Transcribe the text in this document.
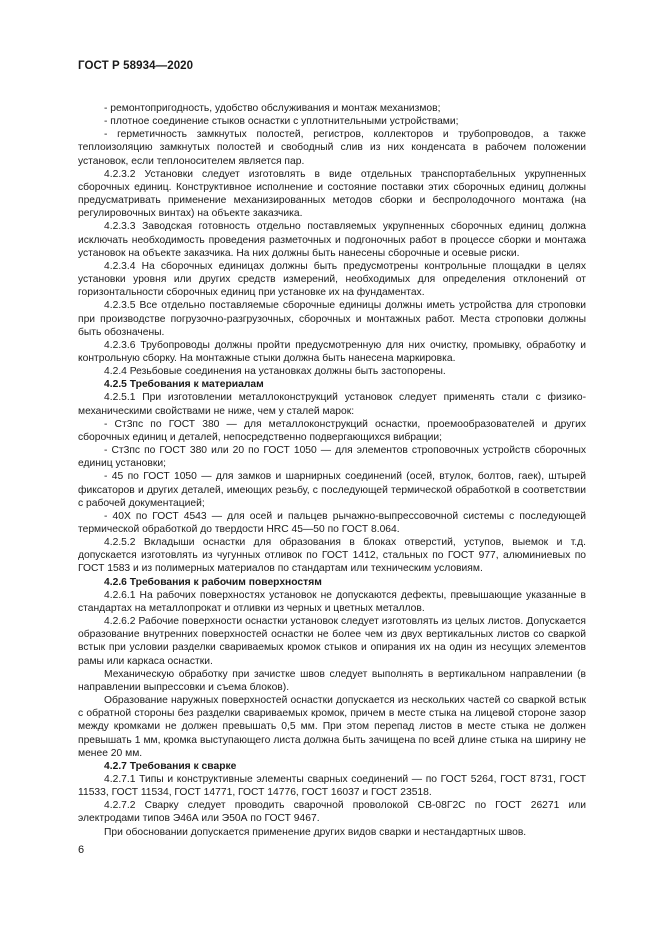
ГОСТ Р 58934—2020

- ремонтопригодность, удобство обслуживания и монтаж механизмов;

- плотное соединение стыков оснастки с уплотнительными устройствами;

- герметичность замкнутых полостей, регистров, коллекторов и трубопроводов, а также теплоизоляцию замкнутых полостей и свободный слив из них конденсата в рабочем положении установок, если теплоносителем является пар.

4.2.3.2 Установки следует изготовлять в виде отдельных транспортабельных укрупненных сборочных единиц. Конструктивное исполнение и состояние поставки этих сборочных единиц должны предусматривать применение механизированных методов сборки и беспролодочного монтажа (на регулировочных винтах) на объекте заказчика.

4.2.3.3 Заводская готовность отдельно поставляемых укрупненных сборочных единиц должна исключать необходимость проведения разметочных и подгоночных работ в процессе сборки и монтажа установок на объекте заказчика. На них должны быть нанесены сборочные и осевые риски.

4.2.3.4 На сборочных единицах должны быть предусмотрены контрольные площадки в целях установки уровня или других средств измерений, необходимых для определения отклонений от горизонтальности сборочных единиц при установке их на фундаментах.

4.2.3.5 Все отдельно поставляемые сборочные единицы должны иметь устройства для строповки при производстве погрузочно-разгрузочных, сборочных и монтажных работ. Места строповки должны быть обозначены.

4.2.3.6 Трубопроводы должны пройти предусмотренную для них очистку, промывку, обработку и контрольную сборку. На монтажные стыки должна быть нанесена маркировка.

4.2.4 Резьбовые соединения на установках должны быть застопорены.

4.2.5 Требования к материалам

4.2.5.1 При изготовлении металлоконструкций установок следует применять стали с физико-механическими свойствами не ниже, чем у сталей марок:

- Ст3пс по ГОСТ 380 — для металлоконструкций оснастки, проемообразователей и других сборочных единиц и деталей, непосредственно подвергающихся вибрации;

- Ст3пс по ГОСТ 380 или 20 по ГОСТ 1050 — для элементов строповочных устройств сборочных единиц установки;

- 45 по ГОСТ 1050 — для замков и шарнирных соединений (осей, втулок, болтов, гаек), штырей фиксаторов и других деталей, имеющих резьбу, с последующей термической обработкой в соответствии с рабочей документацией;

- 40Х по ГОСТ 4543 — для осей и пальцев рычажно-выпрессовочной системы с последующей термической обработкой до твердости HRC 45—50 по ГОСТ 8.064.

4.2.5.2 Вкладыши оснастки для образования в блоках отверстий, уступов, выемок и т.д. допускается изготовлять из чугунных отливок по ГОСТ 1412, стальных по ГОСТ 977, алюминиевых по ГОСТ 1583 и из полимерных материалов по стандартам или техническим условиям.

4.2.6 Требования к рабочим поверхностям

4.2.6.1 На рабочих поверхностях установок не допускаются дефекты, превышающие указанные в стандартах на металлопрокат и отливки из черных и цветных металлов.

4.2.6.2 Рабочие поверхности оснастки установок следует изготовлять из целых листов. Допускается образование внутренних поверхностей оснастки не более чем из двух вертикальных листов со сваркой встык при условии разделки свариваемых кромок стыков и опирания их на один из несущих элементов рамы или каркаса оснастки.

Механическую обработку при зачистке швов следует выполнять в вертикальном направлении (в направлении выпрессовки и съема блоков).

Образование наружных поверхностей оснастки допускается из нескольких частей со сваркой встык с обратной стороны без разделки свариваемых кромок, причем в месте стыка на лицевой стороне зазор между кромками не должен превышать 0,5 мм. При этом перепад листов в месте стыка не должен превышать 1 мм, кромка выступающего листа должна быть зачищена по всей длине стыка на ширину не менее 20 мм.

4.2.7 Требования к сварке

4.2.7.1 Типы и конструктивные элементы сварных соединений — по ГОСТ 5264, ГОСТ 8731, ГОСТ 11533, ГОСТ 11534, ГОСТ 14771, ГОСТ 14776, ГОСТ 16037 и ГОСТ 23518.

4.2.7.2 Сварку следует проводить сварочной проволокой СВ-08Г2С по ГОСТ 26271 или электродами типов Э46А или Э50А по ГОСТ 9467.

При обосновании допускается применение других видов сварки и нестандартных швов.

6
